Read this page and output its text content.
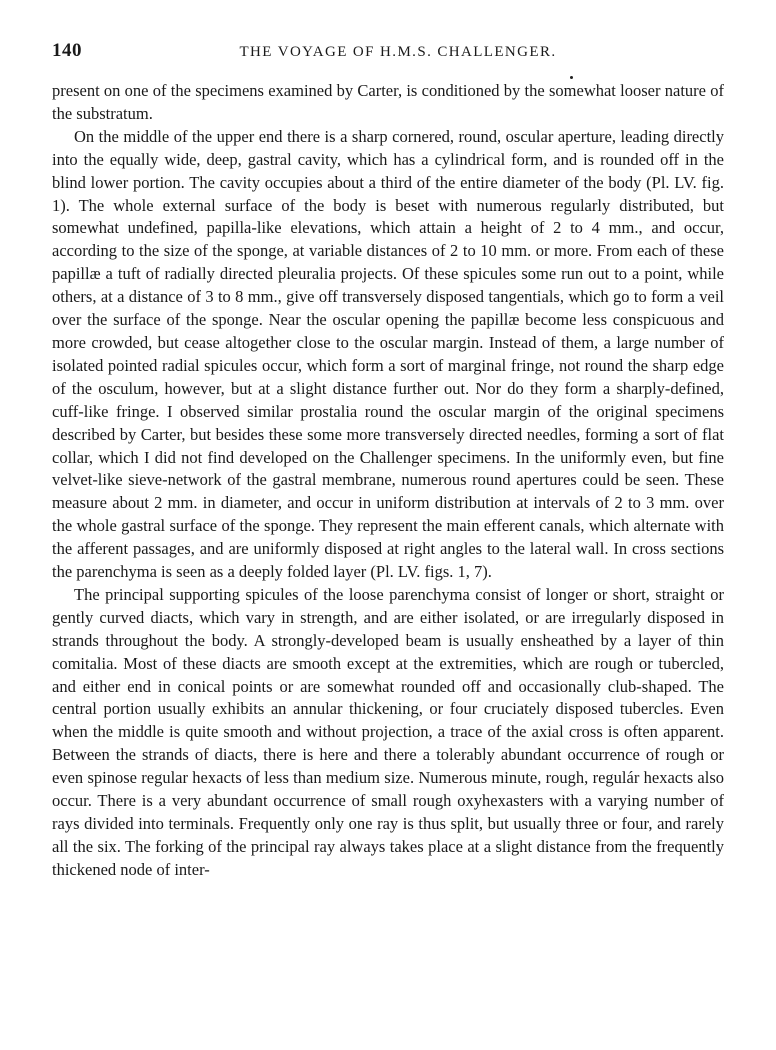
140	THE VOYAGE OF H.M.S. CHALLENGER.

present on one of the specimens examined by Carter, is conditioned by the somewhat looser nature of the substratum.

On the middle of the upper end there is a sharp cornered, round, oscular aperture, leading directly into the equally wide, deep, gastral cavity, which has a cylindrical form, and is rounded off in the blind lower portion. The cavity occupies about a third of the entire diameter of the body (Pl. LV. fig. 1). The whole external surface of the body is beset with numerous regularly distributed, but somewhat undefined, papilla-like elevations, which attain a height of 2 to 4 mm., and occur, according to the size of the sponge, at variable distances of 2 to 10 mm. or more. From each of these papillæ a tuft of radially directed pleuralia projects. Of these spicules some run out to a point, while others, at a distance of 3 to 8 mm., give off transversely disposed tangentials, which go to form a veil over the surface of the sponge. Near the oscular opening the papillæ become less conspicuous and more crowded, but cease altogether close to the oscular margin. Instead of them, a large number of isolated pointed radial spicules occur, which form a sort of marginal fringe, not round the sharp edge of the osculum, however, but at a slight distance further out. Nor do they form a sharply-defined, cuff-like fringe. I observed similar prostalia round the oscular margin of the original specimens described by Carter, but besides these some more transversely directed needles, forming a sort of flat collar, which I did not find developed on the Challenger specimens. In the uniformly even, but fine velvet-like sieve-network of the gastral membrane, numerous round apertures could be seen. These measure about 2 mm. in diameter, and occur in uniform distribution at intervals of 2 to 3 mm. over the whole gastral surface of the sponge. They represent the main efferent canals, which alternate with the afferent passages, and are uniformly disposed at right angles to the lateral wall. In cross sections the parenchyma is seen as a deeply folded layer (Pl. LV. figs. 1, 7).

The principal supporting spicules of the loose parenchyma consist of longer or short, straight or gently curved diacts, which vary in strength, and are either isolated, or are irregularly disposed in strands throughout the body. A strongly-developed beam is usually ensheathed by a layer of thin comitalia. Most of these diacts are smooth except at the extremities, which are rough or tubercled, and either end in conical points or are somewhat rounded off and occasionally club-shaped. The central portion usually exhibits an annular thickening, or four cruciately disposed tubercles. Even when the middle is quite smooth and without projection, a trace of the axial cross is often apparent. Between the strands of diacts, there is here and there a tolerably abundant occurrence of rough or even spinose regular hexacts of less than medium size. Numerous minute, rough, regulár hexacts also occur. There is a very abundant occurrence of small rough oxyhexasters with a varying number of rays divided into terminals. Frequently only one ray is thus split, but usually three or four, and rarely all the six. The forking of the principal ray always takes place at a slight distance from the frequently thickened node of inter-
